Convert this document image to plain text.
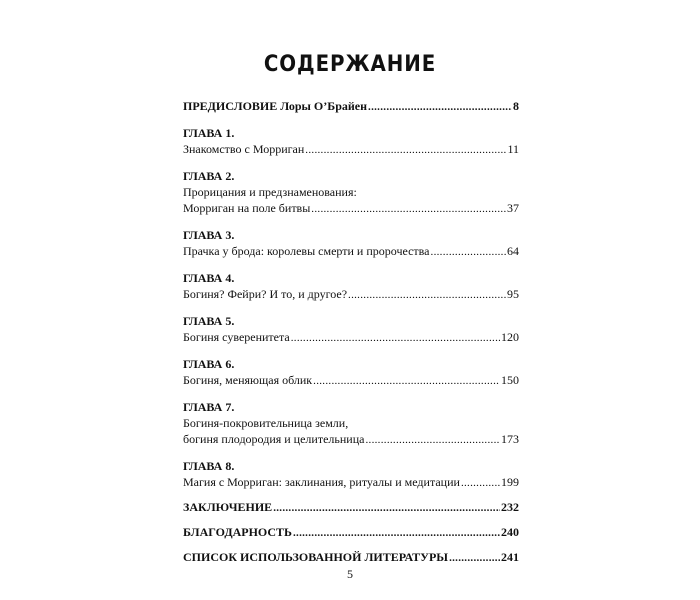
СОДЕРЖАНИЕ
ПРЕДИСЛОВИЕ Лоры О’Брайен .....	8
ГЛАВА 1.
Знакомство с Морриган .....	11
ГЛАВА 2.
Прорицания и предзнаменования:
Морриган на поле битвы .....	37
ГЛАВА 3.
Прачка у брода: королевы смерти и пророчества .....	64
ГЛАВА 4.
Богиня? Фейри? И то, и другое? .....	95
ГЛАВА 5.
Богиня суверенитета .....	120
ГЛАВА 6.
Богиня, меняющая облик .....	150
ГЛАВА 7.
Богиня-покровительница земли,
богиня плодородия и целительница .....	173
ГЛАВА 8.
Магия с Морриган: заклинания, ритуалы и медитации .....	199
ЗАКЛЮЧЕНИЕ .....	232
БЛАГОДАРНОСТЬ .....	240
СПИСОК ИСПОЛЬЗОВАННОЙ ЛИТЕРАТУРЫ .....	241
5
